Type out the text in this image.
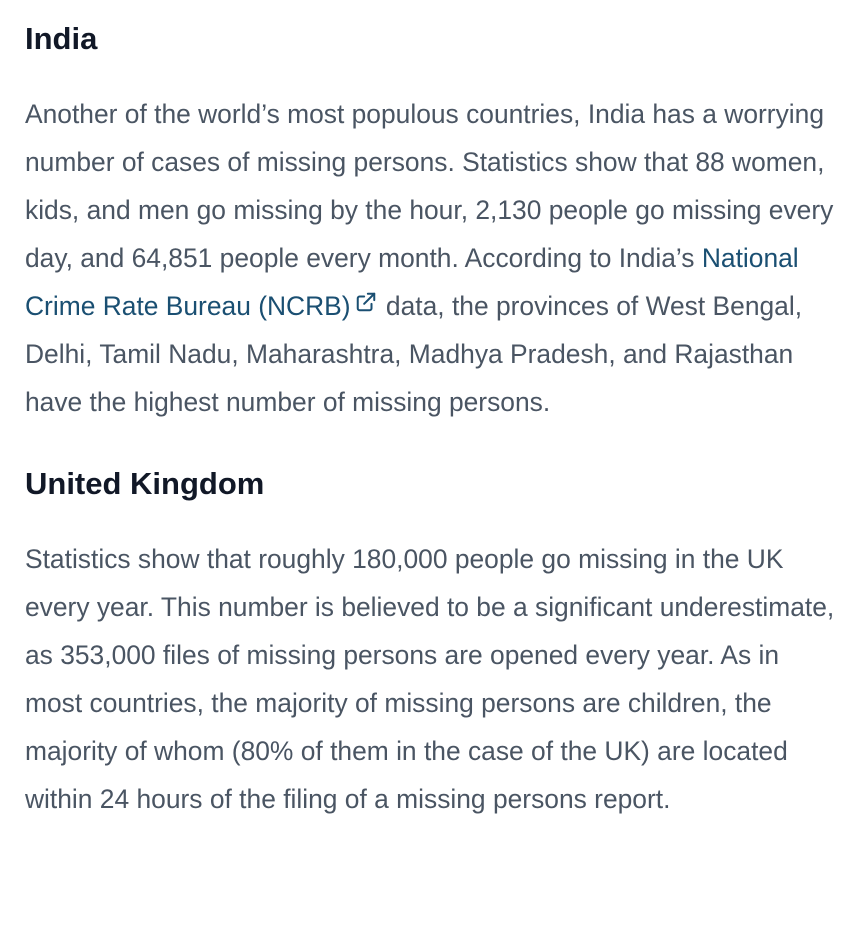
India

Another of the world’s most populous countries, India has a worrying number of cases of missing persons. Statistics show that 88 women, kids, and men go missing by the hour, 2,130 people go missing every day, and 64,851 people every month. According to India’s National Crime Rate Bureau (NCRB)
data, the provinces of West Bengal, Delhi, Tamil Nadu, Maharashtra, Madhya Pradesh, and Rajasthan have the highest number of missing persons.

United Kingdom

Statistics show that roughly 180,000 people go missing in the UK every year. This number is believed to be a significant underestimate, as 353,000 files of missing persons are opened every year. As in most countries, the majority of missing persons are children, the majority of whom (80% of them in the case of the UK) are located within 24 hours of the filing of a missing persons report.
